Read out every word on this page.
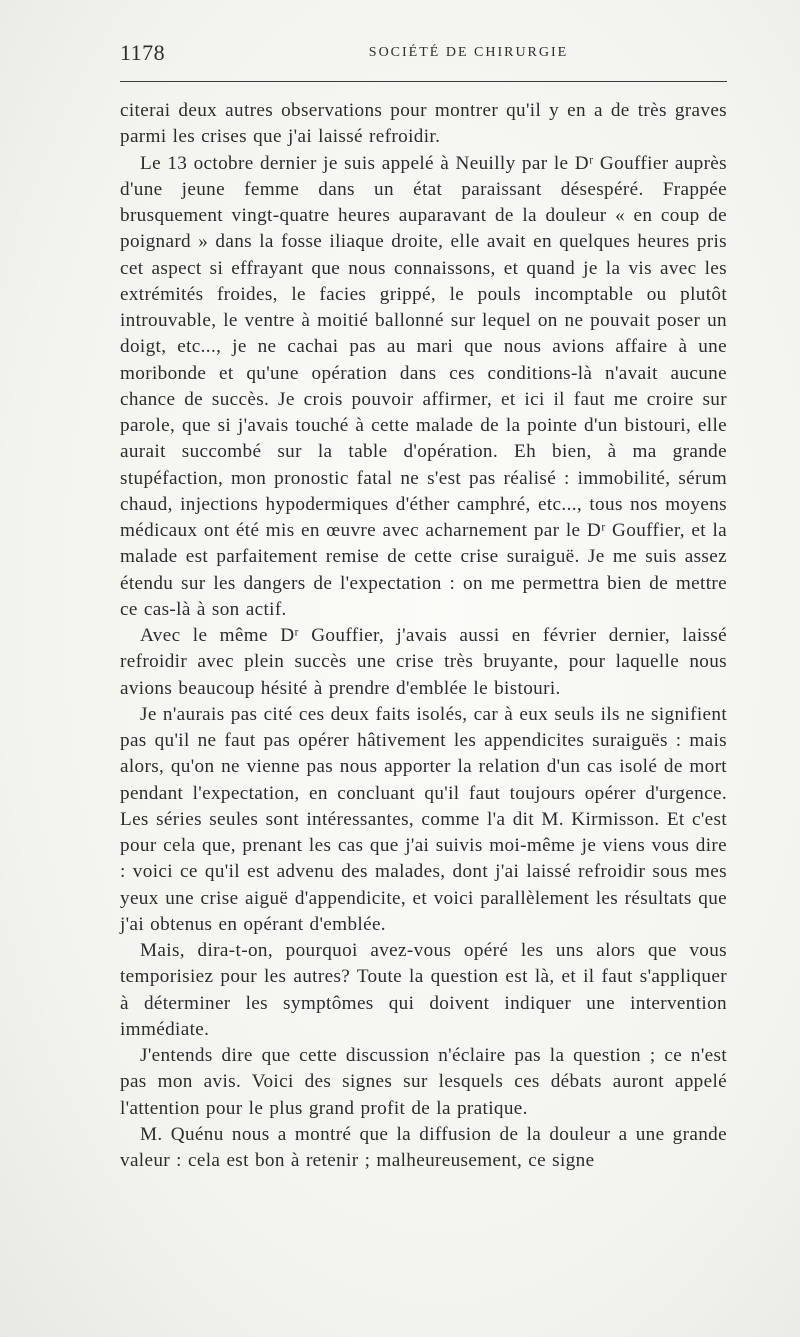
1178	SOCIÉTÉ DE CHIRURGIE

citerai deux autres observations pour montrer qu'il y en a de très graves parmi les crises que j'ai laissé refroidir.

Le 13 octobre dernier je suis appelé à Neuilly par le Dʳ Gouffier auprès d'une jeune femme dans un état paraissant désespéré. Frappée brusquement vingt-quatre heures auparavant de la douleur « en coup de poignard » dans la fosse iliaque droite, elle avait en quelques heures pris cet aspect si effrayant que nous connaissons, et quand je la vis avec les extrémités froides, le facies grippé, le pouls incomptable ou plutôt introuvable, le ventre à moitié ballonné sur lequel on ne pouvait poser un doigt, etc..., je ne cachai pas au mari que nous avions affaire à une moribonde et qu'une opération dans ces conditions-là n'avait aucune chance de succès. Je crois pouvoir affirmer, et ici il faut me croire sur parole, que si j'avais touché à cette malade de la pointe d'un bistouri, elle aurait succombé sur la table d'opération. Eh bien, à ma grande stupéfaction, mon pronostic fatal ne s'est pas réalisé : immobilité, sérum chaud, injections hypodermiques d'éther camphré, etc..., tous nos moyens médicaux ont été mis en œuvre avec acharnement par le Dʳ Gouffier, et la malade est parfaitement remise de cette crise suraiguë. Je me suis assez étendu sur les dangers de l'expectation : on me permettra bien de mettre ce cas-là à son actif.

Avec le même Dʳ Gouffier, j'avais aussi en février dernier, laissé refroidir avec plein succès une crise très bruyante, pour laquelle nous avions beaucoup hésité à prendre d'emblée le bistouri.

Je n'aurais pas cité ces deux faits isolés, car à eux seuls ils ne signifient pas qu'il ne faut pas opérer hâtivement les appendicites suraiguës : mais alors, qu'on ne vienne pas nous apporter la relation d'un cas isolé de mort pendant l'expectation, en concluant qu'il faut toujours opérer d'urgence. Les séries seules sont intéressantes, comme l'a dit M. Kirmisson. Et c'est pour cela que, prenant les cas que j'ai suivis moi-même je viens vous dire : voici ce qu'il est advenu des malades, dont j'ai laissé refroidir sous mes yeux une crise aiguë d'appendicite, et voici parallèlement les résultats que j'ai obtenus en opérant d'emblée.

Mais, dira-t-on, pourquoi avez-vous opéré les uns alors que vous temporisiez pour les autres? Toute la question est là, et il faut s'appliquer à déterminer les symptômes qui doivent indiquer une intervention immédiate.

J'entends dire que cette discussion n'éclaire pas la question ; ce n'est pas mon avis. Voici des signes sur lesquels ces débats auront appelé l'attention pour le plus grand profit de la pratique.

M. Quénu nous a montré que la diffusion de la douleur a une grande valeur : cela est bon à retenir ; malheureusement, ce signe
